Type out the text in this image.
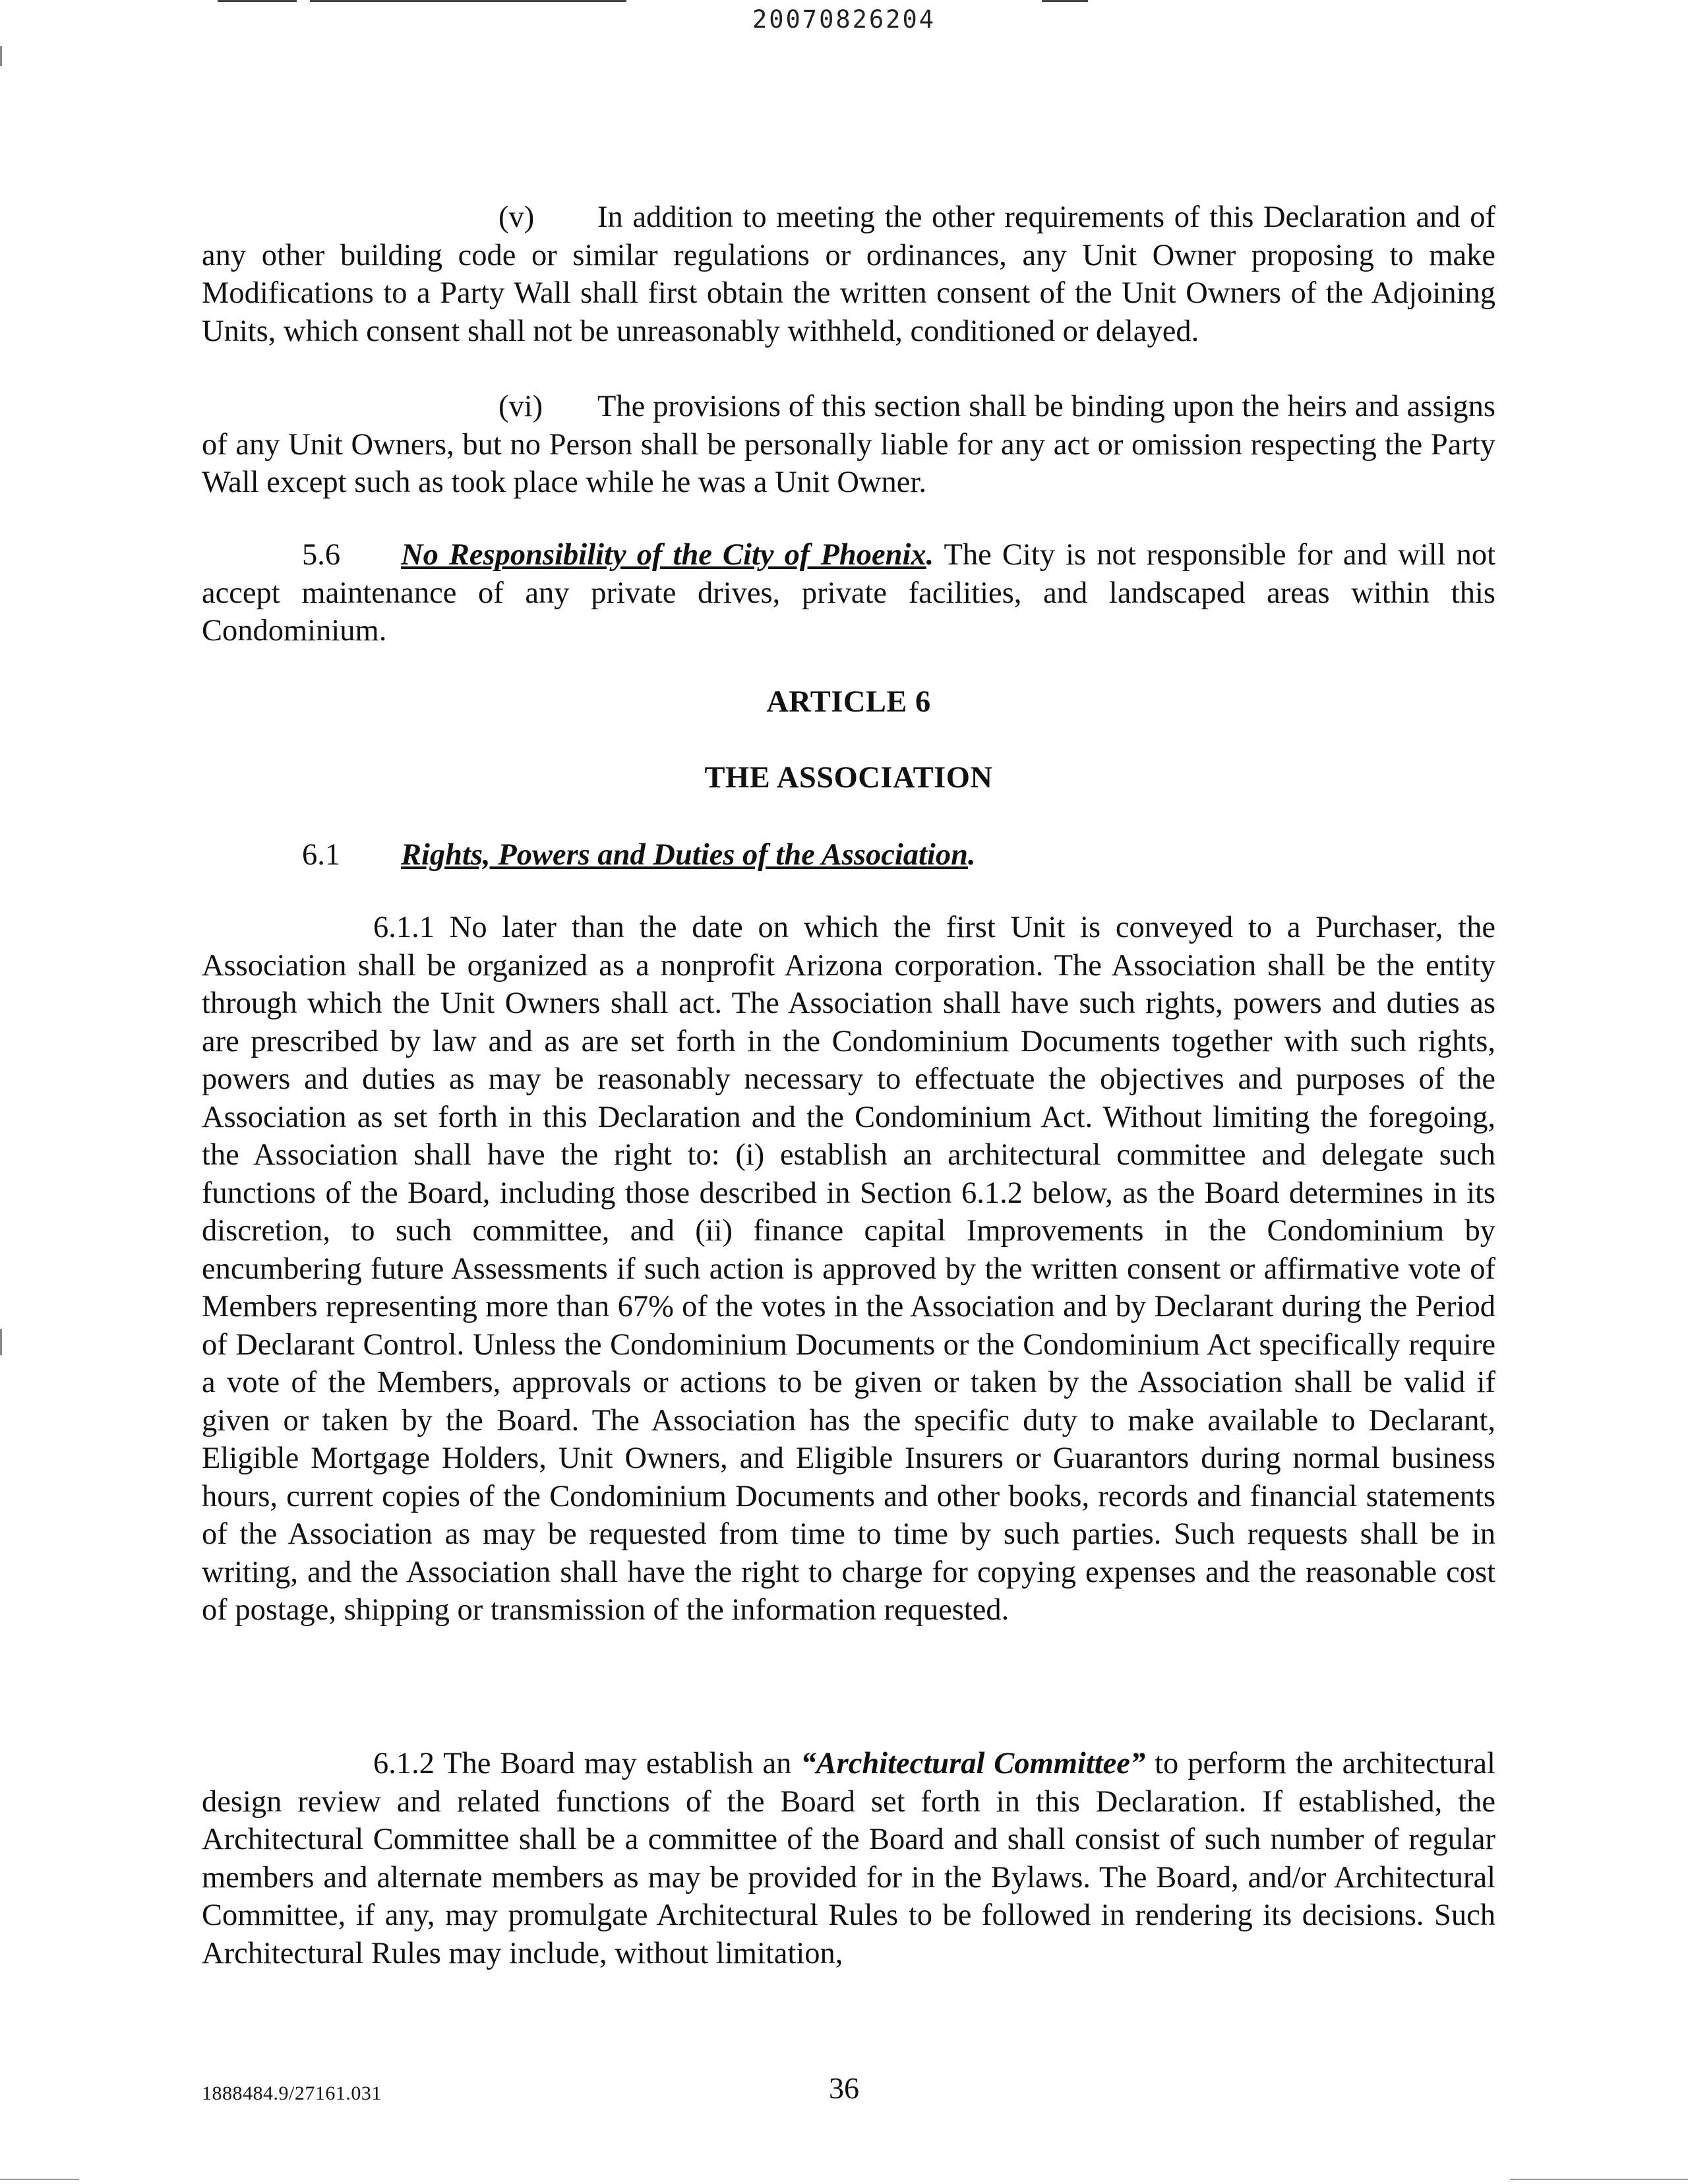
20070826204
(v) In addition to meeting the other requirements of this Declaration and of any other building code or similar regulations or ordinances, any Unit Owner proposing to make Modifications to a Party Wall shall first obtain the written consent of the Unit Owners of the Adjoining Units, which consent shall not be unreasonably withheld, conditioned or delayed.
(vi) The provisions of this section shall be binding upon the heirs and assigns of any Unit Owners, but no Person shall be personally liable for any act or omission respecting the Party Wall except such as took place while he was a Unit Owner.
5.6 No Responsibility of the City of Phoenix. The City is not responsible for and will not accept maintenance of any private drives, private facilities, and landscaped areas within this Condominium.
ARTICLE 6
THE ASSOCIATION
6.1 Rights, Powers and Duties of the Association.
6.1.1 No later than the date on which the first Unit is conveyed to a Purchaser, the Association shall be organized as a nonprofit Arizona corporation. The Association shall be the entity through which the Unit Owners shall act. The Association shall have such rights, powers and duties as are prescribed by law and as are set forth in the Condominium Documents together with such rights, powers and duties as may be reasonably necessary to effectuate the objectives and purposes of the Association as set forth in this Declaration and the Condominium Act. Without limiting the foregoing, the Association shall have the right to: (i) establish an architectural committee and delegate such functions of the Board, including those described in Section 6.1.2 below, as the Board determines in its discretion, to such committee, and (ii) finance capital Improvements in the Condominium by encumbering future Assessments if such action is approved by the written consent or affirmative vote of Members representing more than 67% of the votes in the Association and by Declarant during the Period of Declarant Control. Unless the Condominium Documents or the Condominium Act specifically require a vote of the Members, approvals or actions to be given or taken by the Association shall be valid if given or taken by the Board. The Association has the specific duty to make available to Declarant, Eligible Mortgage Holders, Unit Owners, and Eligible Insurers or Guarantors during normal business hours, current copies of the Condominium Documents and other books, records and financial statements of the Association as may be requested from time to time by such parties. Such requests shall be in writing, and the Association shall have the right to charge for copying expenses and the reasonable cost of postage, shipping or transmission of the information requested.
6.1.2 The Board may establish an “Architectural Committee” to perform the architectural design review and related functions of the Board set forth in this Declaration. If established, the Architectural Committee shall be a committee of the Board and shall consist of such number of regular members and alternate members as may be provided for in the Bylaws. The Board, and/or Architectural Committee, if any, may promulgate Architectural Rules to be followed in rendering its decisions. Such Architectural Rules may include, without limitation,
1888484.9/27161.031	36
